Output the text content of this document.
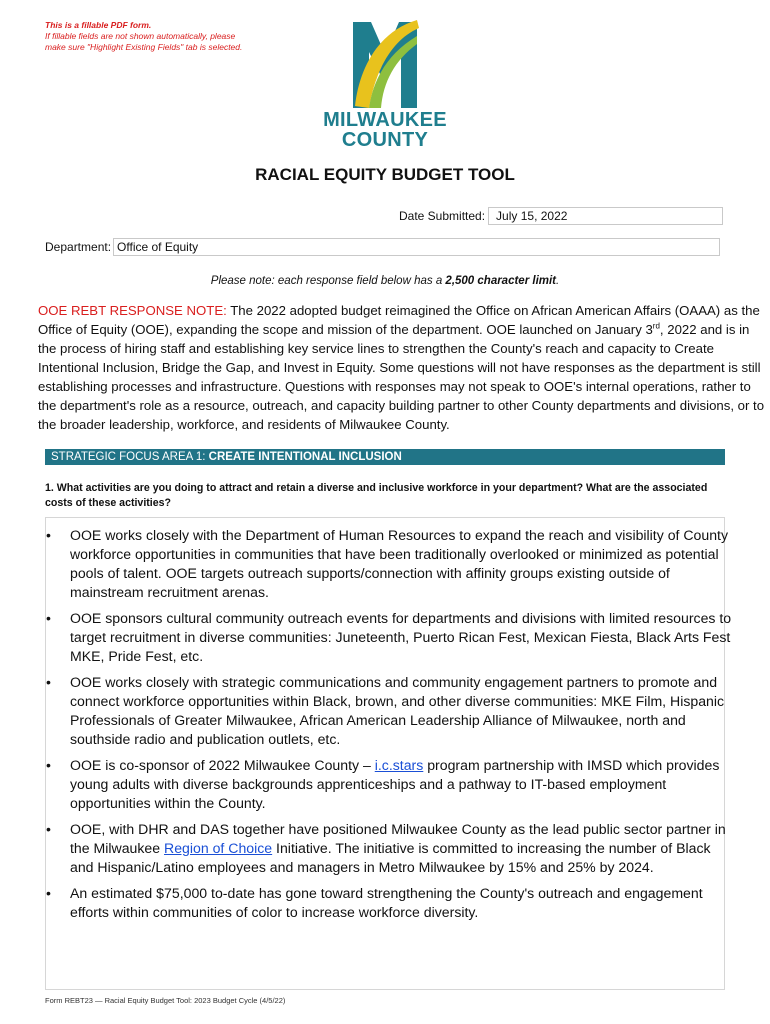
This is a fillable PDF form.
If fillable fields are not shown automatically, please
make sure "Highlight Existing Fields" tab is selected.
MILWAUKEE
COUNTY
RACIAL EQUITY BUDGET TOOL
Date Submitted: July 15, 2022
Department: Office of Equity
Please note: each response field below has a 2,500 character limit.
OOE REBT RESPONSE NOTE: The 2022 adopted budget reimagined the Office on African American Affairs (OAAA) as the Office of Equity (OOE), expanding the scope and mission of the department. OOE launched on January 3rd, 2022 and is in the process of hiring staff and establishing key service lines to strengthen the County's reach and capacity to Create Intentional Inclusion, Bridge the Gap, and Invest in Equity. Some questions will not have responses as the department is still establishing processes and infrastructure. Questions with responses may not speak to OOE's internal operations, rather to the department's role as a resource, outreach, and capacity building partner to other County departments and divisions, or to the broader leadership, workforce, and residents of Milwaukee County.
STRATEGIC FOCUS AREA 1: CREATE INTENTIONAL INCLUSION
1. What activities are you doing to attract and retain a diverse and inclusive workforce in your department? What are the associated costs of these activities?
• OOE works closely with the Department of Human Resources to expand the reach and visibility of County workforce opportunities in communities that have been traditionally overlooked or minimized as potential pools of talent. OOE targets outreach supports/connection with affinity groups existing outside of mainstream recruitment arenas.
• OOE sponsors cultural community outreach events for departments and divisions with limited resources to target recruitment in diverse communities: Juneteenth, Puerto Rican Fest, Mexican Fiesta, Black Arts Fest MKE, Pride Fest, etc.
• OOE works closely with strategic communications and community engagement partners to promote and connect workforce opportunities within Black, brown, and other diverse communities: MKE Film, Hispanic Professionals of Greater Milwaukee, African American Leadership Alliance of Milwaukee, north and southside radio and publication outlets, etc.
• OOE is co-sponsor of 2022 Milwaukee County – i.c.stars program partnership with IMSD which provides young adults with diverse backgrounds apprenticeships and a pathway to IT-based employment opportunities within the County.
• OOE, with DHR and DAS together have positioned Milwaukee County as the lead public sector partner in the Milwaukee Region of Choice Initiative. The initiative is committed to increasing the number of Black and Hispanic/Latino employees and managers in Metro Milwaukee by 15% and 25% by 2024.
• An estimated $75,000 to-date has gone toward strengthening the County's outreach and engagement efforts within communities of color to increase workforce diversity.
Form REBT23 — Racial Equity Budget Tool: 2023 Budget Cycle (4/5/22)
